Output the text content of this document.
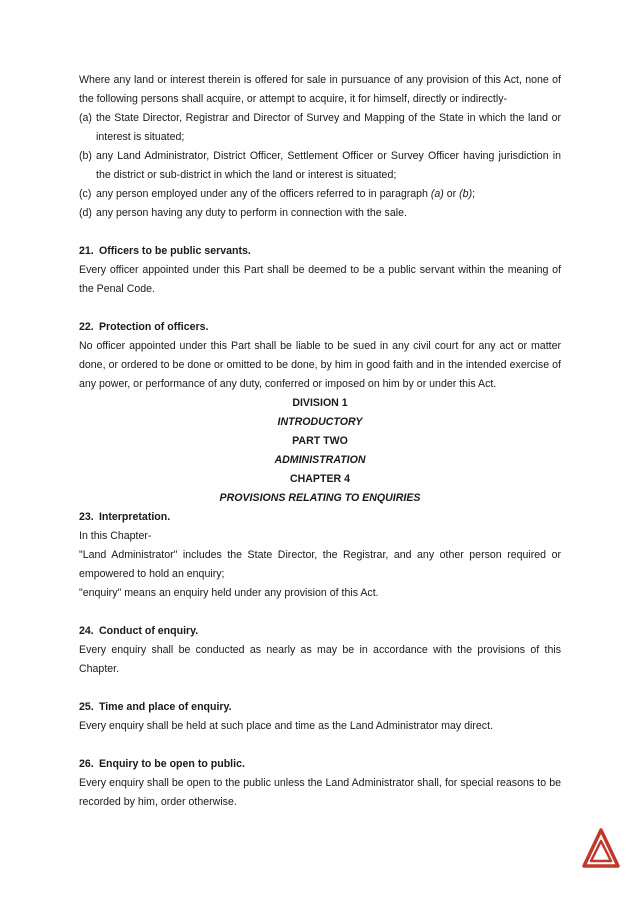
Where any land or interest therein is offered for sale in pursuance of any provision of this Act, none of the following persons shall acquire, or attempt to acquire, it for himself, directly or indirectly-

(a) the State Director, Registrar and Director of Survey and Mapping of the State in which the land or interest is situated;
(b) any Land Administrator, District Officer, Settlement Officer or Survey Officer having jurisdiction in the district or sub-district in which the land or interest is situated;
(c) any person employed under any of the officers referred to in paragraph (a) or (b);
(d) any person having any duty to perform in connection with the sale.

21. Officers to be public servants.

Every officer appointed under this Part shall be deemed to be a public servant within the meaning of the Penal Code.

22. Protection of officers.

No officer appointed under this Part shall be liable to be sued in any civil court for any act or matter done, or ordered to be done or omitted to be done, by him in good faith and in the intended exercise of any power, or performance of any duty, conferred or imposed on him by or under this Act.

DIVISION 1

INTRODUCTORY

PART TWO

ADMINISTRATION

CHAPTER 4

PROVISIONS RELATING TO ENQUIRIES

23. Interpretation.

In this Chapter-

"Land Administrator" includes the State Director, the Registrar, and any other person required or empowered to hold an enquiry;

"enquiry" means an enquiry held under any provision of this Act.

24. Conduct of enquiry.

Every enquiry shall be conducted as nearly as may be in accordance with the provisions of this Chapter.

25. Time and place of enquiry.

Every enquiry shall be held at such place and time as the Land Administrator may direct.

26. Enquiry to be open to public.

Every enquiry shall be open to the public unless the Land Administrator shall, for special reasons to be recorded by him, order otherwise.
